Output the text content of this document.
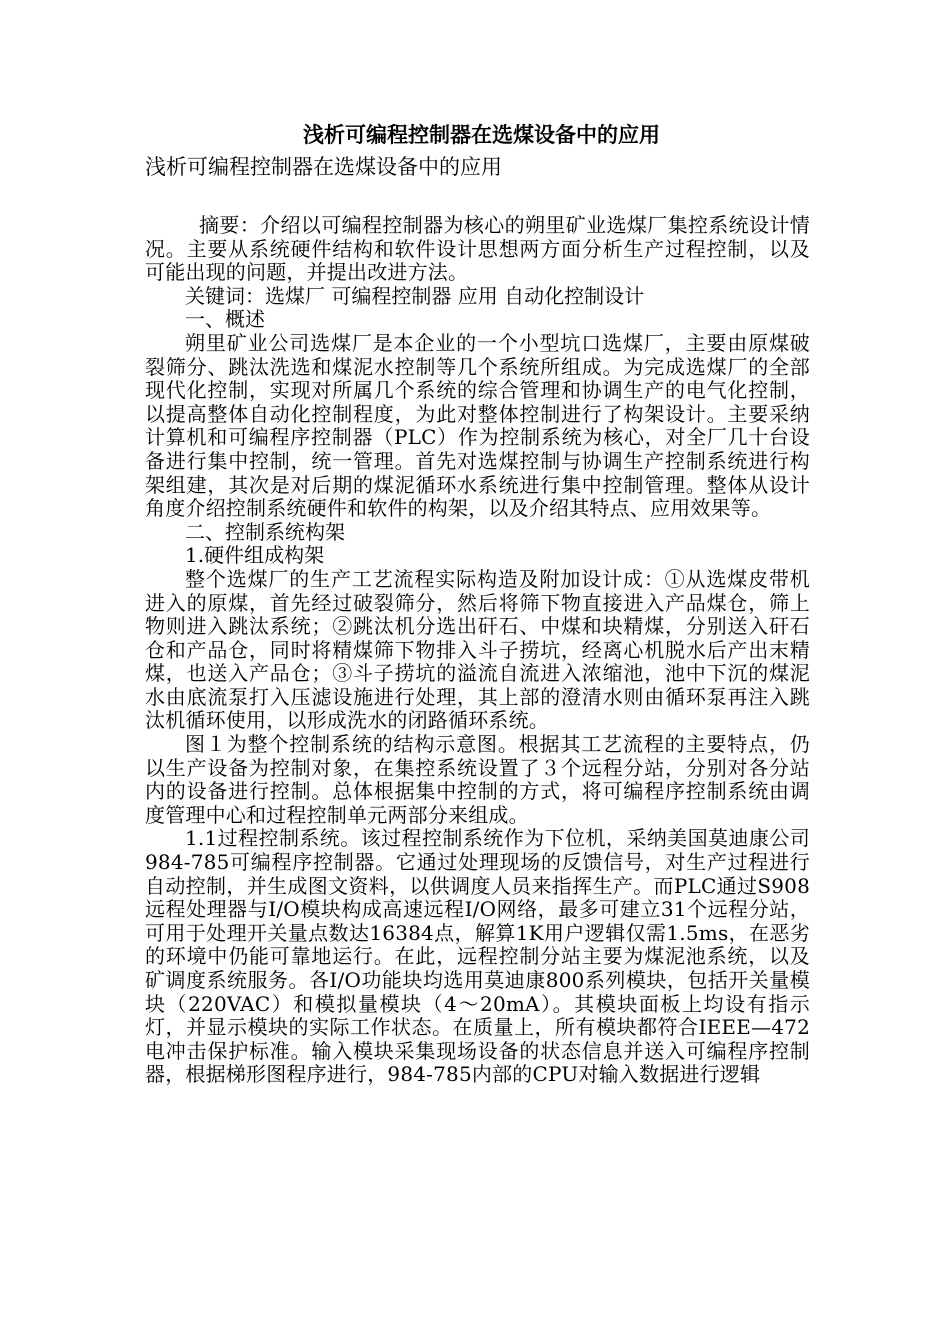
浅析可编程控制器在选煤设备中的应用

浅析可编程控制器在选煤设备中的应用

摘要：介绍以可编程控制器为核心的朔里矿业选煤厂集控系统设计情况。主要从系统硬件结构和软件设计思想两方面分析生产过程控制，以及可能出现的问题，并提出改进方法。

关键词：选煤厂 可编程控制器 应用 自动化控制设计

一、概述

朔里矿业公司选煤厂是本企业的一个小型坑口选煤厂，主要由原煤破裂筛分、跳汰洗选和煤泥水控制等几个系统所组成。为完成选煤厂的全部现代化控制，实现对所属几个系统的综合管理和协调生产的电气化控制，以提高整体自动化控制程度，为此对整体控制进行了构架设计。主要采纳计算机和可编程序控制器（PLC）作为控制系统为核心，对全厂几十台设备进行集中控制，统一管理。首先对选煤控制与协调生产控制系统进行构架组建，其次是对后期的煤泥循环水系统进行集中控制管理。整体从设计角度介绍控制系统硬件和软件的构架，以及介绍其特点、应用效果等。

二、控制系统构架

1.硬件组成构架

整个选煤厂的生产工艺流程实际构造及附加设计成：①从选煤皮带机进入的原煤，首先经过破裂筛分，然后将筛下物直接进入产品煤仓，筛上物则进入跳汰系统；②跳汰机分选出矸石、中煤和块精煤，分别送入矸石仓和产品仓，同时将精煤筛下物排入斗子捞坑，经离心机脱水后产出末精煤，也送入产品仓；③斗子捞坑的溢流自流进入浓缩池，池中下沉的煤泥水由底流泵打入压滤设施进行处理，其上部的澄清水则由循环泵再注入跳汰机循环使用，以形成洗水的闭路循环系统。

图１为整个控制系统的结构示意图。根据其工艺流程的主要特点，仍以生产设备为控制对象，在集控系统设置了３个远程分站，分别对各分站内的设备进行控制。总体根据集中控制的方式，将可编程序控制系统由调度管理中心和过程控制单元两部分来组成。

1.1过程控制系统。该过程控制系统作为下位机，采纳美国莫迪康公司984-785可编程序控制器。它通过处理现场的反馈信号，对生产过程进行自动控制，并生成图文资料，以供调度人员来指挥生产。而PLC通过S908远程处理器与I/O模块构成高速远程I/O网络，最多可建立31个远程分站，可用于处理开关量点数达16384点，解算1K用户逻辑仅需1.5ms，在恶劣的环境中仍能可靠地运行。在此，远程控制分站主要为煤泥池系统，以及矿调度系统服务。各I/O功能块均选用莫迪康800系列模块，包括开关量模块（220VAC）和模拟量模块（4～20mA）。其模块面板上均设有指示灯，并显示模块的实际工作状态。在质量上，所有模块都符合IEEE—472电冲击保护标准。输入模块采集现场设备的状态信息并送入可编程序控制器，根据梯形图程序进行，984-785内部的CPU对输入数据进行逻辑
